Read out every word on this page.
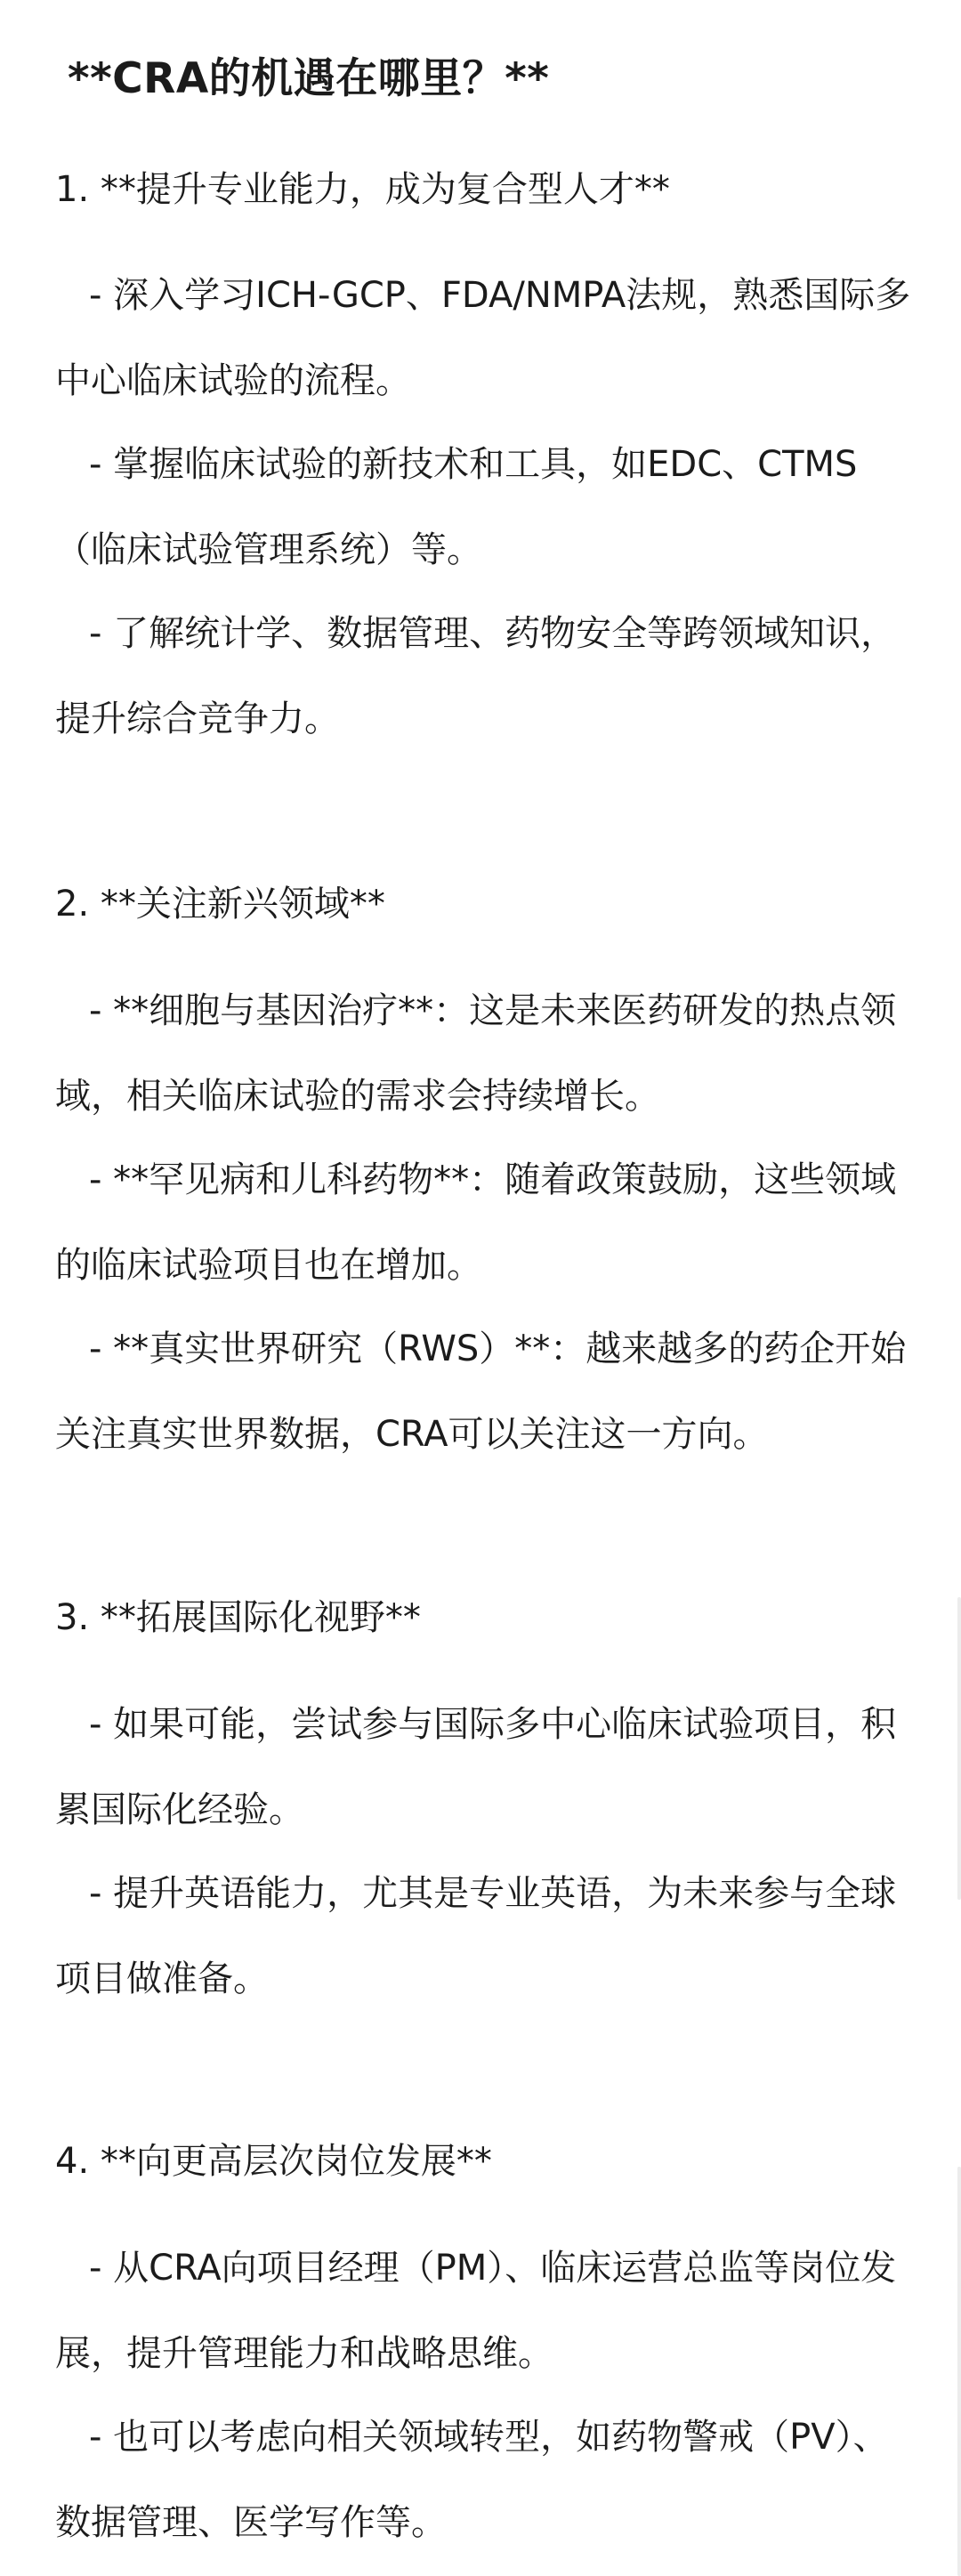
**CRA的机遇在哪里？**

1. **提升专业能力，成为复合型人才**

- 深入学习ICH-GCP、FDA/NMPA法规，熟悉国际多中心临床试验的流程。

- 掌握临床试验的新技术和工具，如EDC、CTMS（临床试验管理系统）等。

- 了解统计学、数据管理、药物安全等跨领域知识，提升综合竞争力。

2. **关注新兴领域**

- **细胞与基因治疗**：这是未来医药研发的热点领域，相关临床试验的需求会持续增长。

- **罕见病和儿科药物**：随着政策鼓励，这些领域的临床试验项目也在增加。

- **真实世界研究（RWS）**：越来越多的药企开始关注真实世界数据，CRA可以关注这一方向。

3. **拓展国际化视野**

- 如果可能，尝试参与国际多中心临床试验项目，积累国际化经验。

- 提升英语能力，尤其是专业英语，为未来参与全球项目做准备。

4. **向更高层次岗位发展**

- 从CRA向项目经理（PM）、临床运营总监等岗位发展，提升管理能力和战略思维。

- 也可以考虑向相关领域转型，如药物警戒（PV）、数据管理、医学写作等。
